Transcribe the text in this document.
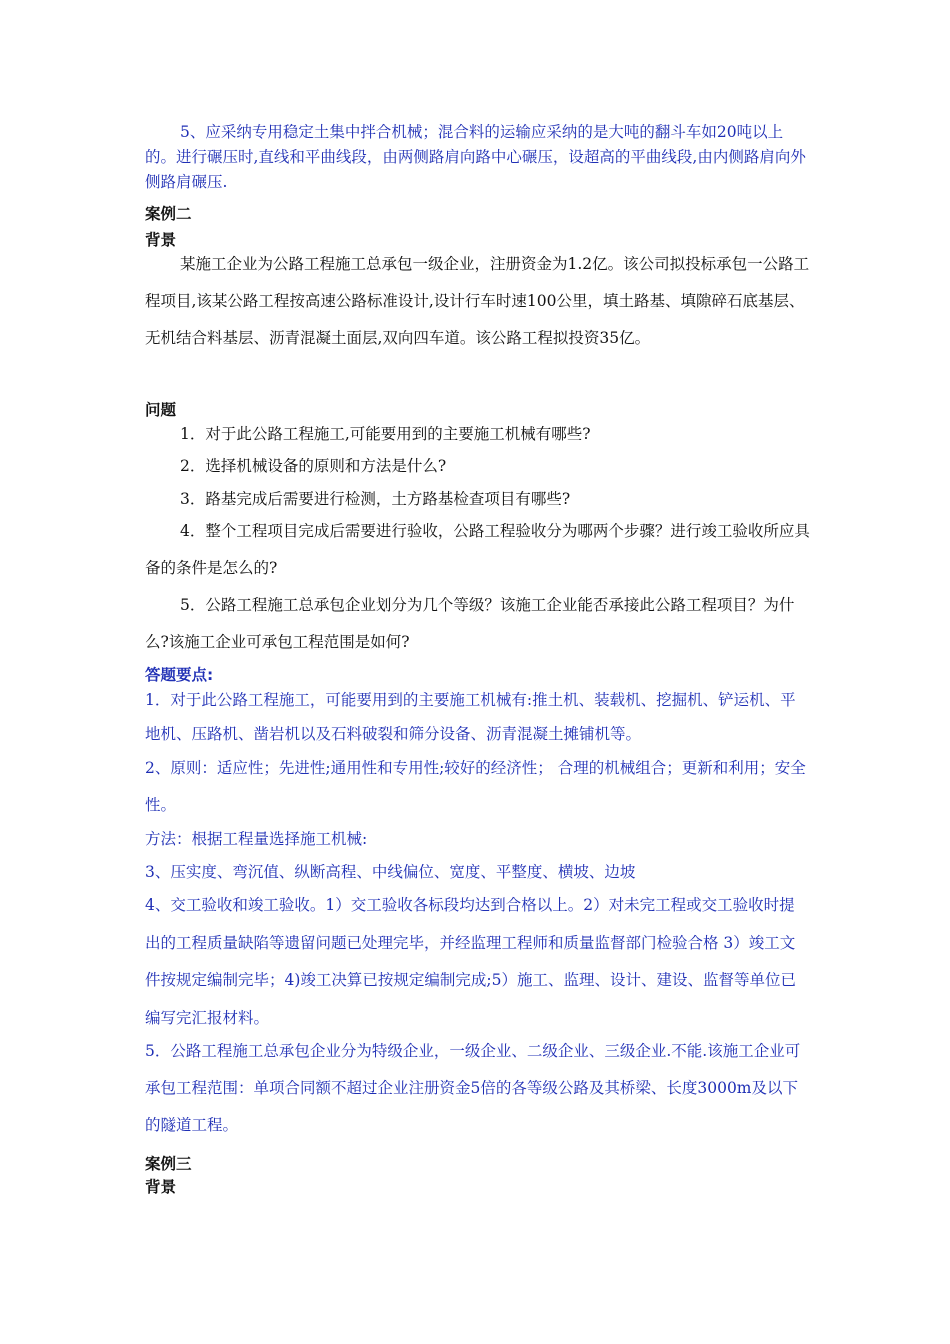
5、应采纳专用稳定土集中拌合机械；混合料的运输应采纳的是大吨的翻斗车如20吨以上的。进行碾压时,直线和平曲线段，由两侧路肩向路中心碾压，设超高的平曲线段,由内侧路肩向外侧路肩碾压.

案例二

背景

某施工企业为公路工程施工总承包一级企业，注册资金为1.2亿。该公司拟投标承包一公路工程项目,该某公路工程按高速公路标准设计,设计行车时速100公里，填土路基、填隙碎石底基层、无机结合料基层、沥青混凝土面层,双向四车道。该公路工程拟投资35亿。

问题

1．对于此公路工程施工,可能要用到的主要施工机械有哪些?

2．选择机械设备的原则和方法是什么?

3．路基完成后需要进行检测，土方路基检查项目有哪些?

4．整个工程项目完成后需要进行验收，公路工程验收分为哪两个步骤？进行竣工验收所应具备的条件是怎么的?

5．公路工程施工总承包企业划分为几个等级？该施工企业能否承接此公路工程项目？为什么?该施工企业可承包工程范围是如何?

答题要点:

1．对于此公路工程施工，可能要用到的主要施工机械有:推土机、装载机、挖掘机、铲运机、平地机、压路机、凿岩机以及石料破裂和筛分设备、沥青混凝土摊铺机等。

2、原则：适应性；先进性;通用性和专用性;较好的经济性； 合理的机械组合；更新和利用；安全性。

方法：根据工程量选择施工机械:

3、压实度、弯沉值、纵断高程、中线偏位、宽度、平整度、横坡、边坡

4、交工验收和竣工验收。1）交工验收各标段均达到合格以上。2）对未完工程或交工验收时提出的工程质量缺陷等遗留问题已处理完毕，并经监理工程师和质量监督部门检验合格 3）竣工文件按规定编制完毕；4)竣工决算已按规定编制完成;5）施工、监理、设计、建设、监督等单位已编写完汇报材料。

5．公路工程施工总承包企业分为特级企业，一级企业、二级企业、三级企业.不能.该施工企业可承包工程范围：单项合同额不超过企业注册资金5倍的各等级公路及其桥梁、长度3000m及以下的隧道工程。

案例三

背景
